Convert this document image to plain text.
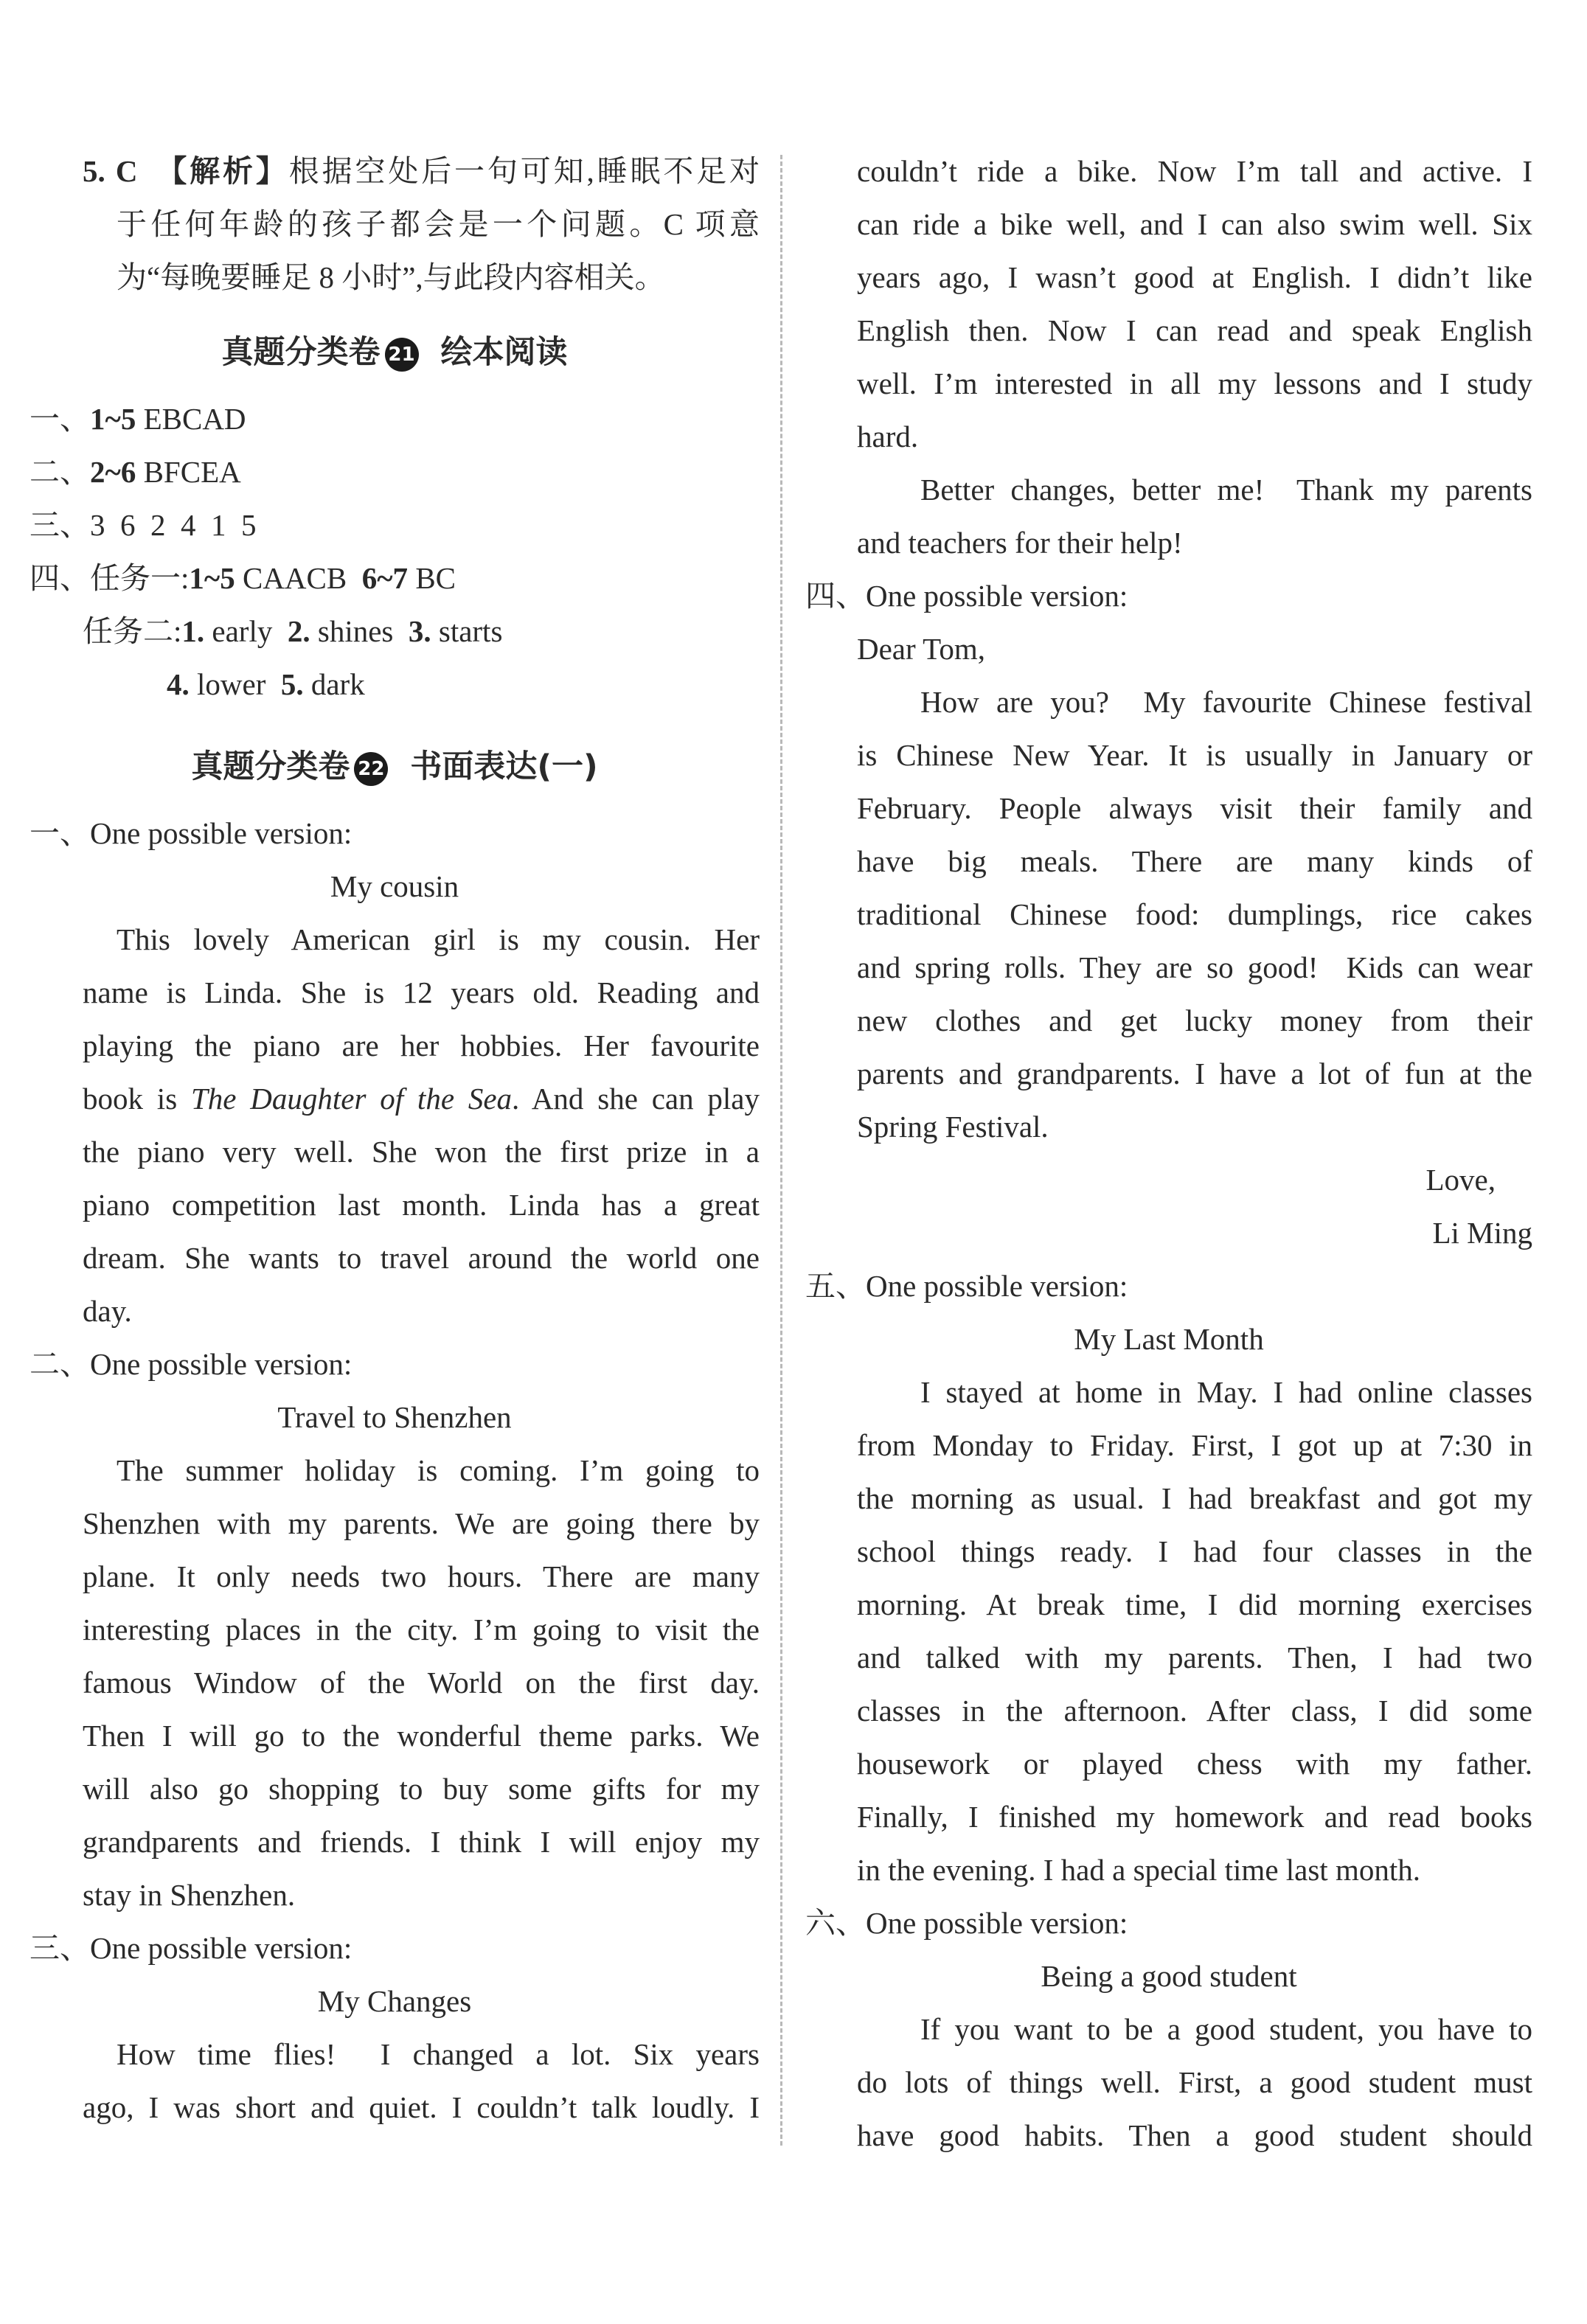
5. C 【解析】根据空处后一句可知,睡眠不足对
于任何年龄的孩子都会是一个问题。C 项意
为“每晚要睡足 8 小时”,与此段内容相关。
真题分类卷 21 绘本阅读
一、1~5 EBCAD
二、2~6 BFCEA
三、3  6  2  4  1  5
四、任务一:1~5 CAACB  6~7 BC
任务二:1. early  2. shines  3. starts
4. lower  5. dark
真题分类卷 22 书面表达(一)
一、One possible version:
My cousin
This lovely American girl is my cousin. Her
name is Linda. She is 12 years old. Reading and
playing the piano are her hobbies. Her favourite
book is The Daughter of the Sea. And she can play
the piano very well. She won the first prize in a
piano competition last month. Linda has a great
dream. She wants to travel around the world one
day.
二、One possible version:
Travel to Shenzhen
The summer holiday is coming. I’m going to
Shenzhen with my parents. We are going there by
plane. It only needs two hours. There are many
interesting places in the city. I’m going to visit the
famous Window of the World on the first day.
Then I will go to the wonderful theme parks. We
will also go shopping to buy some gifts for my
grandparents and friends. I think I will enjoy my
stay in Shenzhen.
三、One possible version:
My Changes
How time flies!  I changed a lot. Six years
ago, I was short and quiet. I couldn’t talk loudly. I
couldn’t ride a bike. Now I’m tall and active. I
can ride a bike well, and I can also swim well. Six
years ago, I wasn’t good at English. I didn’t like
English then. Now I can read and speak English
well. I’m interested in all my lessons and I study
hard.
Better changes, better me!  Thank my parents
and teachers for their help!
四、One possible version:
Dear Tom,
How are you?  My favourite Chinese festival
is Chinese New Year. It is usually in January or
February. People always visit their family and
have big meals. There are many kinds of
traditional Chinese food: dumplings, rice cakes
and spring rolls. They are so good!  Kids can wear
new clothes and get lucky money from their
parents and grandparents. I have a lot of fun at the
Spring Festival.
Love,
Li Ming
五、One possible version:
My Last Month
I stayed at home in May. I had online classes
from Monday to Friday. First, I got up at 7:30 in
the morning as usual. I had breakfast and got my
school things ready. I had four classes in the
morning. At break time, I did morning exercises
and talked with my parents. Then, I had two
classes in the afternoon. After class, I did some
housework or played chess with my father.
Finally, I finished my homework and read books
in the evening. I had a special time last month.
六、One possible version:
Being a good student
If you want to be a good student, you have to
do lots of things well. First, a good student must
have good habits. Then a good student should
